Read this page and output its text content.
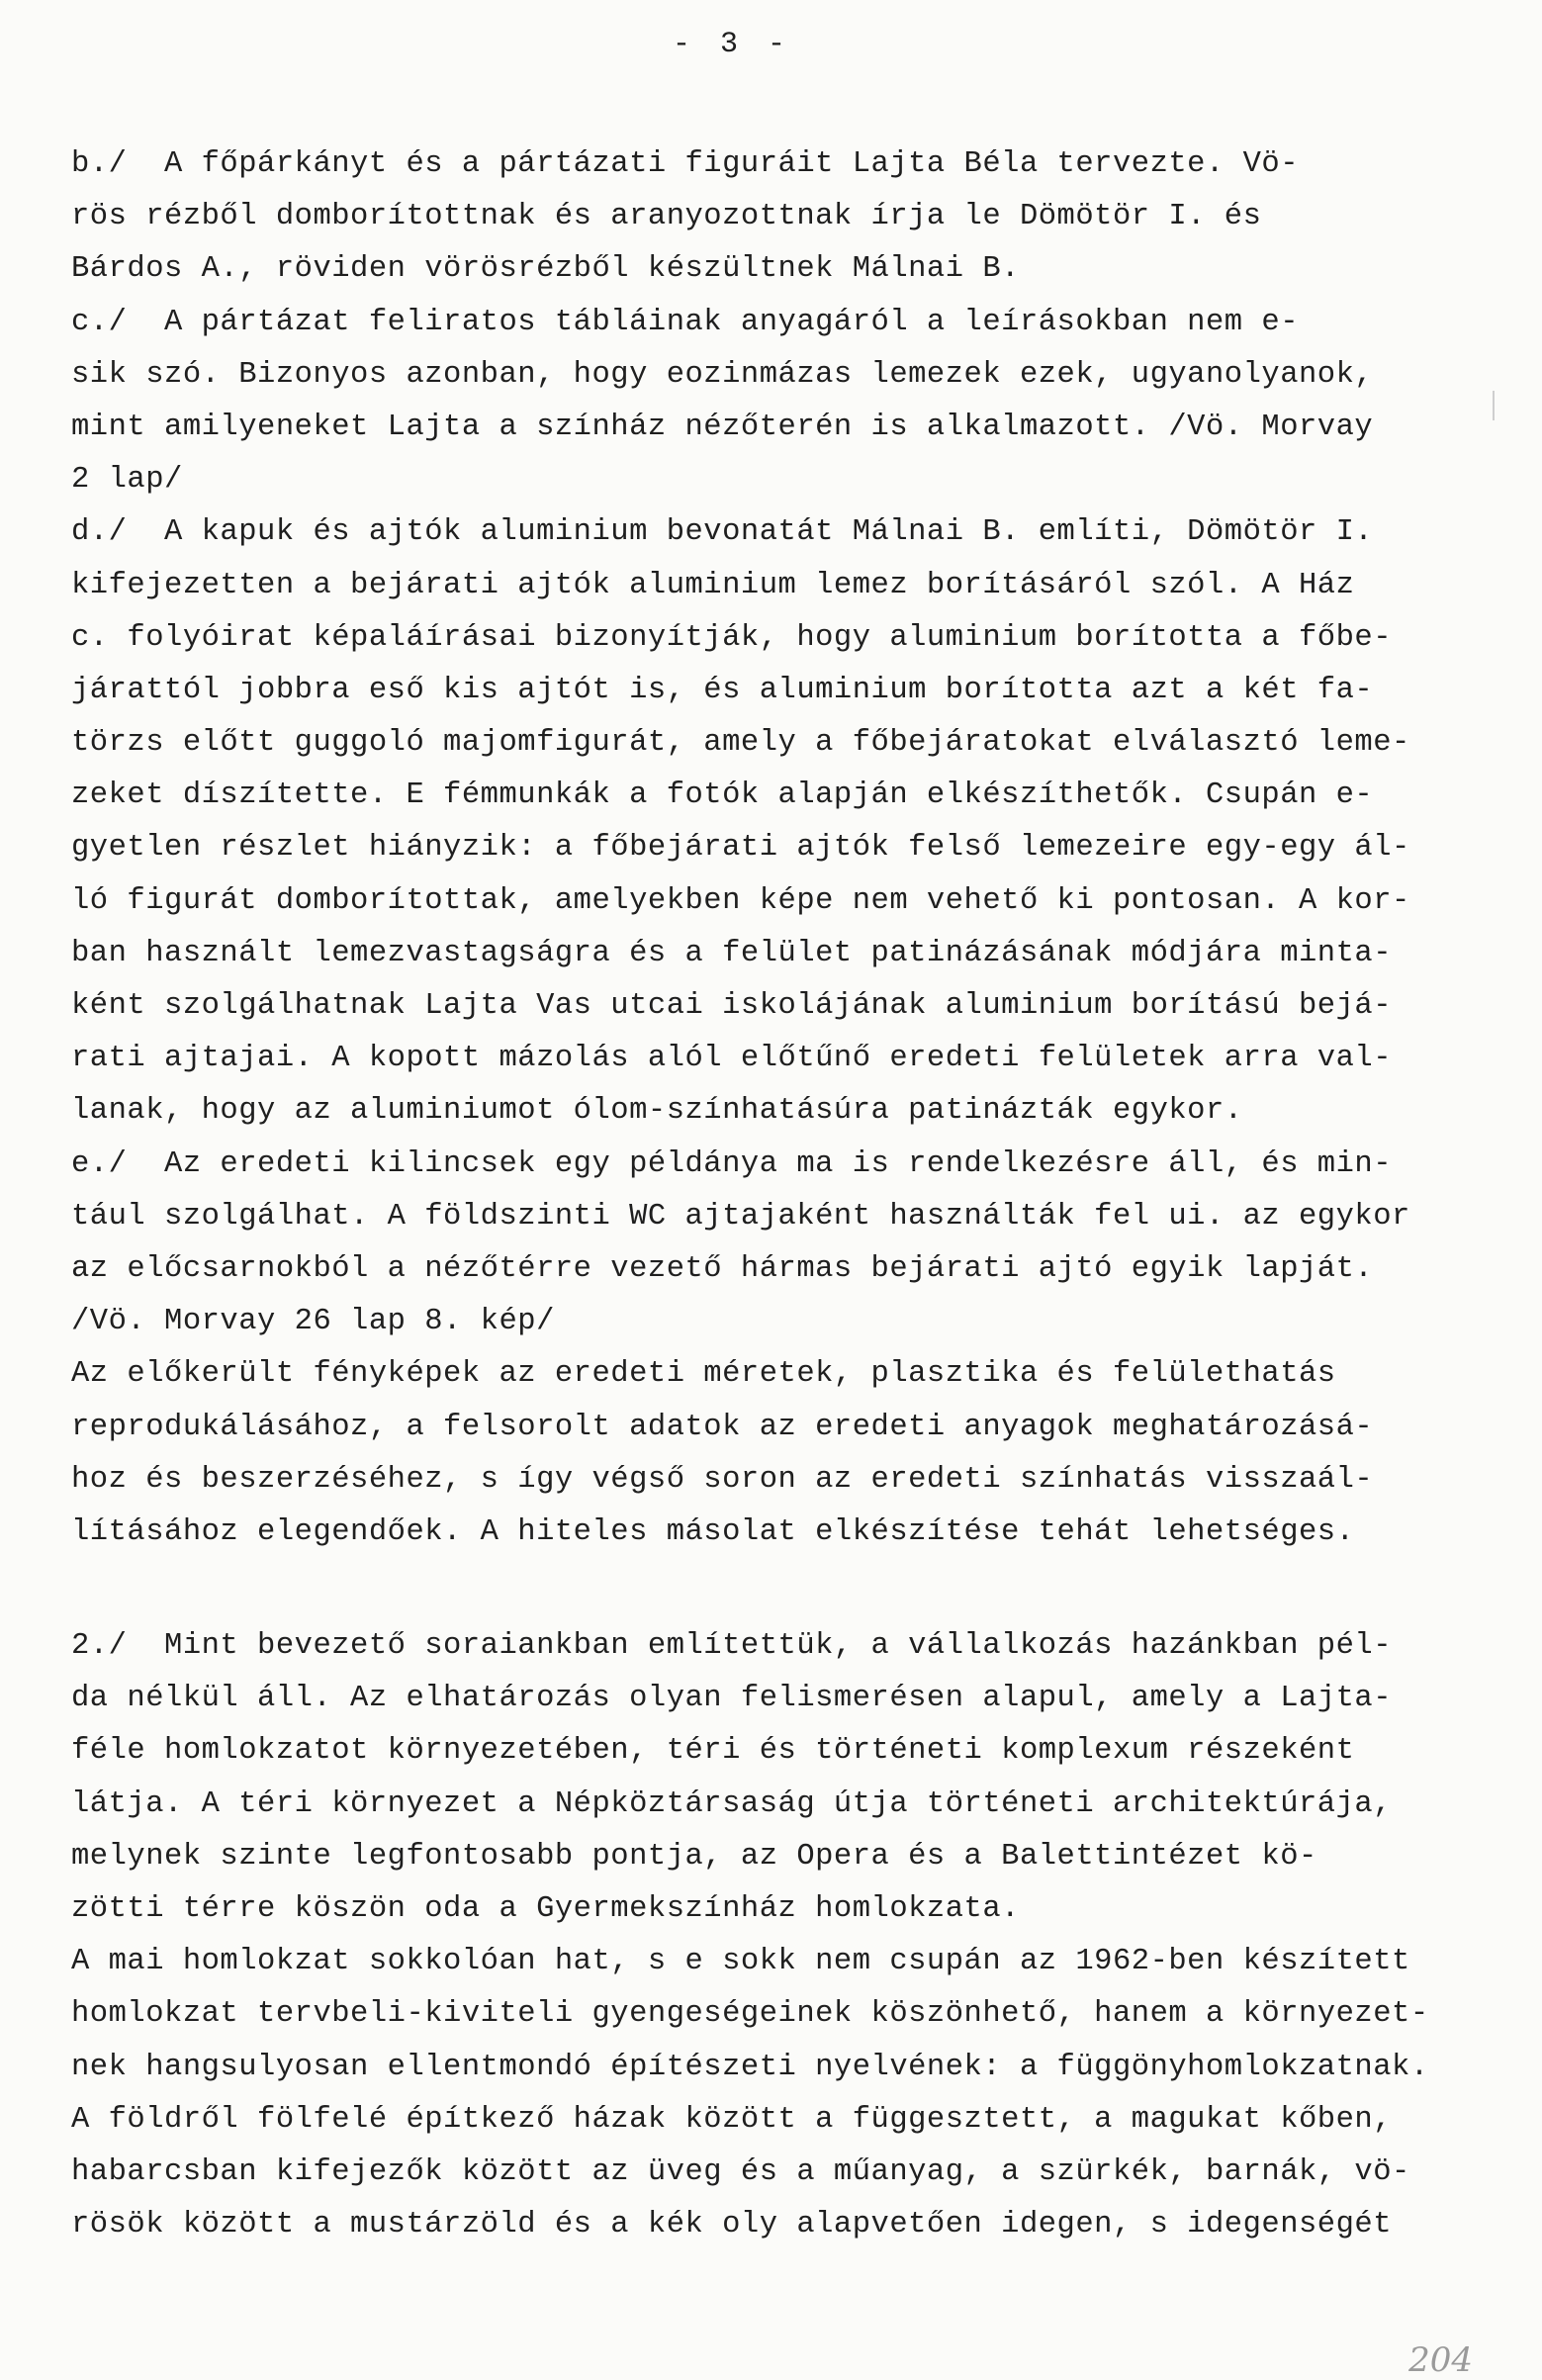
- 3 -
b./  A főpárkányt és a pártázati figuráit Lajta Béla tervezte. Vö-
rös rézből domborítottnak és aranyozottnak írja le Dömötör I. és
Bárdos A., röviden vörösrézből készültnek Málnai B.
c./  A pártázat feliratos tábláinak anyagáról a leírásokban nem e-
sik szó. Bizonyos azonban, hogy eozinmázas lemezek ezek, ugyanolyanok,
mint amilyeneket Lajta a színház nézőterén is alkalmazott. /Vö. Morvay
2 lap/
d./  A kapuk és ajtók aluminium bevonatát Málnai B. említi, Dömötör I.
kifejezetten a bejárati ajtók aluminium lemez borításáról szól. A Ház
c. folyóirat képaláírásai bizonyítják, hogy aluminium borította a főbe-
járattól jobbra eső kis ajtót is, és aluminium borította azt a két fa-
törzs előtt guggoló majomfigurát, amely a főbejáratokat elválasztó leme-
zeket díszítette. E fémmunkák a fotók alapján elkészíthetők. Csupán e-
gyetlen részlet hiányzik: a főbejárati ajtók felső lemezeire egy-egy ál-
ló figurát domborítottak, amelyekben képe nem vehető ki pontosan. A kor-
ban használt lemezvastagságra és a felület patinázásának módjára minta-
ként szolgálhatnak Lajta Vas utcai iskolájának aluminium borítású bejá-
rati ajtajai. A kopott mázolás alól előtűnő eredeti felületek arra val-
lanak, hogy az aluminiumot ólom-színhatásúra patinázták egykor.
e./  Az eredeti kilincsek egy példánya ma is rendelkezésre áll, és min-
tául szolgálhat. A földszinti WC ajtajaként használták fel ui. az egykor
az előcsarnokból a nézőtérre vezető hármas bejárati ajtó egyik lapját.
/Vö. Morvay 26 lap 8. kép/
Az előkerült fényképek az eredeti méretek, plasztika és felülethatás
reprodukálásához, a felsorolt adatok az eredeti anyagok meghatározásá-
hoz és beszerzéséhez, s így végső soron az eredeti színhatás visszaál-
lításához elegendőek. A hiteles másolat elkészítése tehát lehetséges.
2./  Mint bevezető soraiankban említettük, a vállalkozás hazánkban pél-
da nélkül áll. Az elhatározás olyan felismerésen alapul, amely a Lajta-
féle homlokzatot környezetében, téri és történeti komplexum részeként
látja. A téri környezet a Népköztársaság útja történeti architektúrája,
melynek szinte legfontosabb pontja, az Opera és a Balettintézet kö-
zötti térre köszön oda a Gyermekszínház homlokzata.
A mai homlokzat sokkolóan hat, s e sokk nem csupán az 1962-ben készített
homlokzat tervbeli-kiviteli gyengeségeinek köszönhető, hanem a környezet-
nek hangsulyosan ellentmondó építészeti nyelvének: a függönyhomlokzatnak.
A földről fölfelé építkező házak között a függesztett, a magukat kőben,
habarcsban kifejezők között az üveg és a műanyag, a szürkék, barnák, vö-
rösök között a mustárzöld és a kék oly alapvetően idegen, s idegenségét
204
